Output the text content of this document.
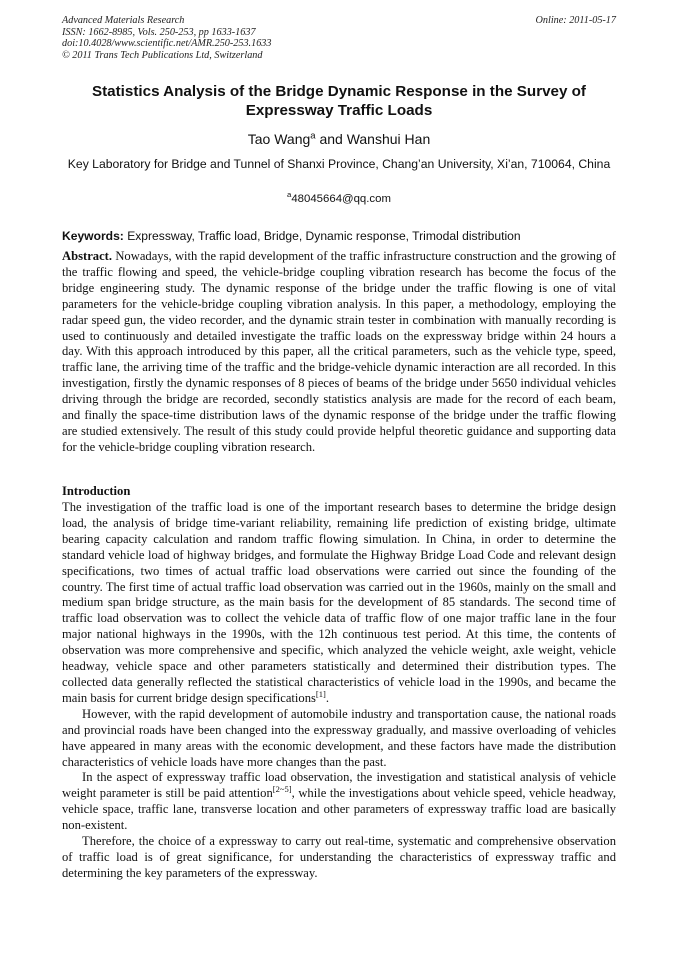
Advanced Materials Research
ISSN: 1662-8985, Vols. 250-253, pp 1633-1637
doi:10.4028/www.scientific.net/AMR.250-253.1633
© 2011 Trans Tech Publications Ltd, Switzerland
Online: 2011-05-17
Statistics Analysis of the Bridge Dynamic Response in the Survey of Expressway Traffic Loads
Tao Wang$^a$ and Wanshui Han
Key Laboratory for Bridge and Tunnel of Shanxi Province, Chang’an University, Xi’an, 710064, China
$^a$48045664@qq.com
Keywords: Expressway, Traffic load, Bridge, Dynamic response, Trimodal distribution
Abstract. Nowadays, with the rapid development of the traffic infrastructure construction and the growing of the traffic flowing and speed, the vehicle-bridge coupling vibration research has become the focus of the bridge engineering study. The dynamic response of the bridge under the traffic flowing is one of vital parameters for the vehicle-bridge coupling vibration analysis. In this paper, a methodology, employing the radar speed gun, the video recorder, and the dynamic strain tester in combination with manually recording is used to continuously and detailed investigate the traffic loads on the expressway bridge within 24 hours a day. With this approach introduced by this paper, all the critical parameters, such as the vehicle type, speed, traffic lane, the arriving time of the traffic and the bridge-vehicle dynamic interaction are all recorded. In this investigation, firstly the dynamic responses of 8 pieces of beams of the bridge under 5650 individual vehicles driving through the bridge are recorded, secondly statistics analysis are made for the record of each beam, and finally the space-time distribution laws of the dynamic response of the bridge under the traffic flowing are studied extensively. The result of this study could provide helpful theoretic guidance and supporting data for the vehicle-bridge coupling vibration research.
Introduction

The investigation of the traffic load is one of the important research bases to determine the bridge design load, the analysis of bridge time-variant reliability, remaining life prediction of existing bridge, ultimate bearing capacity calculation and random traffic flowing simulation. In China, in order to determine the standard vehicle load of highway bridges, and formulate the Highway Bridge Load Code and relevant design specifications, two times of actual traffic load observations were carried out since the founding of the country. The first time of actual traffic load observation was carried out in the 1960s, mainly on the small and medium span bridge structure, as the main basis for the development of 85 standards. The second time of traffic load observation was to collect the vehicle data of traffic flow of one major traffic lane in the four major national highways in the 1990s, with the 12h continuous test period. At this time, the contents of observation was more comprehensive and specific, which analyzed the vehicle weight, axle weight, vehicle headway, vehicle space and other parameters statistically and determined their distribution types. The collected data generally reflected the statistical characteristics of vehicle load in the 1990s, and became the main basis for current bridge design specifications[1].

However, with the rapid development of automobile industry and transportation cause, the national roads and provincial roads have been changed into the expressway gradually, and massive overloading of vehicles have appeared in many areas with the economic development, and these factors have made the distribution characteristics of vehicle loads have more changes than the past.

In the aspect of expressway traffic load observation, the investigation and statistical analysis of vehicle weight parameter is still be paid attention[2~5], while the investigations about vehicle speed, vehicle headway, vehicle space, traffic lane, transverse location and other parameters of expressway traffic load are basically non-existent.

Therefore, the choice of a expressway to carry out real-time, systematic and comprehensive observation of traffic load is of great significance, for understanding the characteristics of expressway traffic and determining the key parameters of the expressway.
